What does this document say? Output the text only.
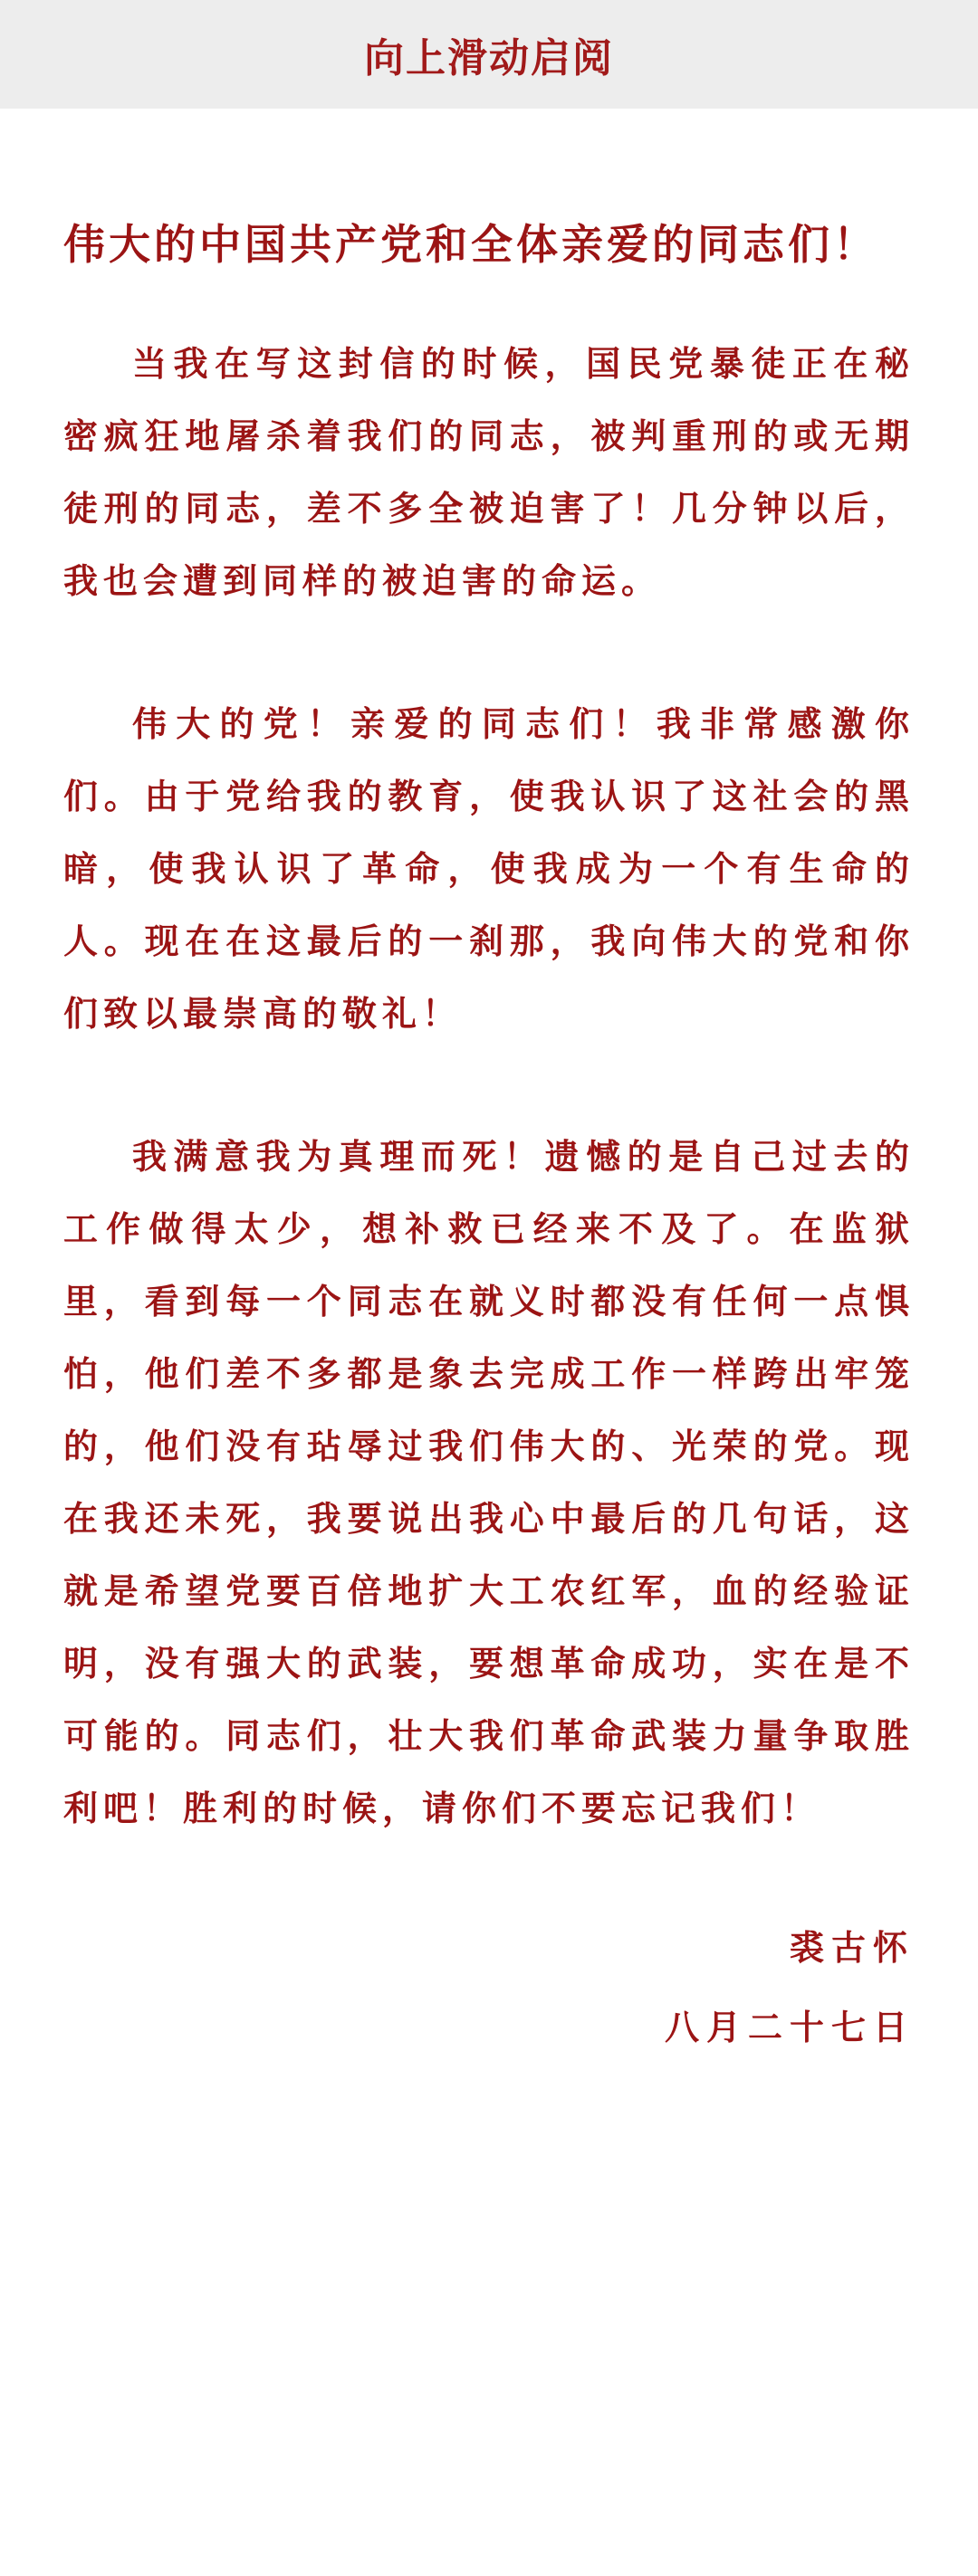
向上滑动启阅

伟大的中国共产党和全体亲爱的同志们！

当我在写这封信的时候，国民党暴徒正在秘密疯狂地屠杀着我们的同志，被判重刑的或无期徒刑的同志，差不多全被迫害了！几分钟以后，我也会遭到同样的被迫害的命运。

伟大的党！亲爱的同志们！我非常感激你们。由于党给我的教育，使我认识了这社会的黑暗，使我认识了革命，使我成为一个有生命的人。现在在这最后的一刹那，我向伟大的党和你们致以最崇高的敬礼！

我满意我为真理而死！遗憾的是自己过去的工作做得太少，想补救已经来不及了。在监狱里，看到每一个同志在就义时都没有任何一点惧怕，他们差不多都是象去完成工作一样跨出牢笼的，他们没有玷辱过我们伟大的、光荣的党。现在我还未死，我要说出我心中最后的几句话，这就是希望党要百倍地扩大工农红军，血的经验证明，没有强大的武装，要想革命成功，实在是不可能的。同志们，壮大我们革命武装力量争取胜利吧！胜利的时候，请你们不要忘记我们！

裘古怀

八月二十七日
